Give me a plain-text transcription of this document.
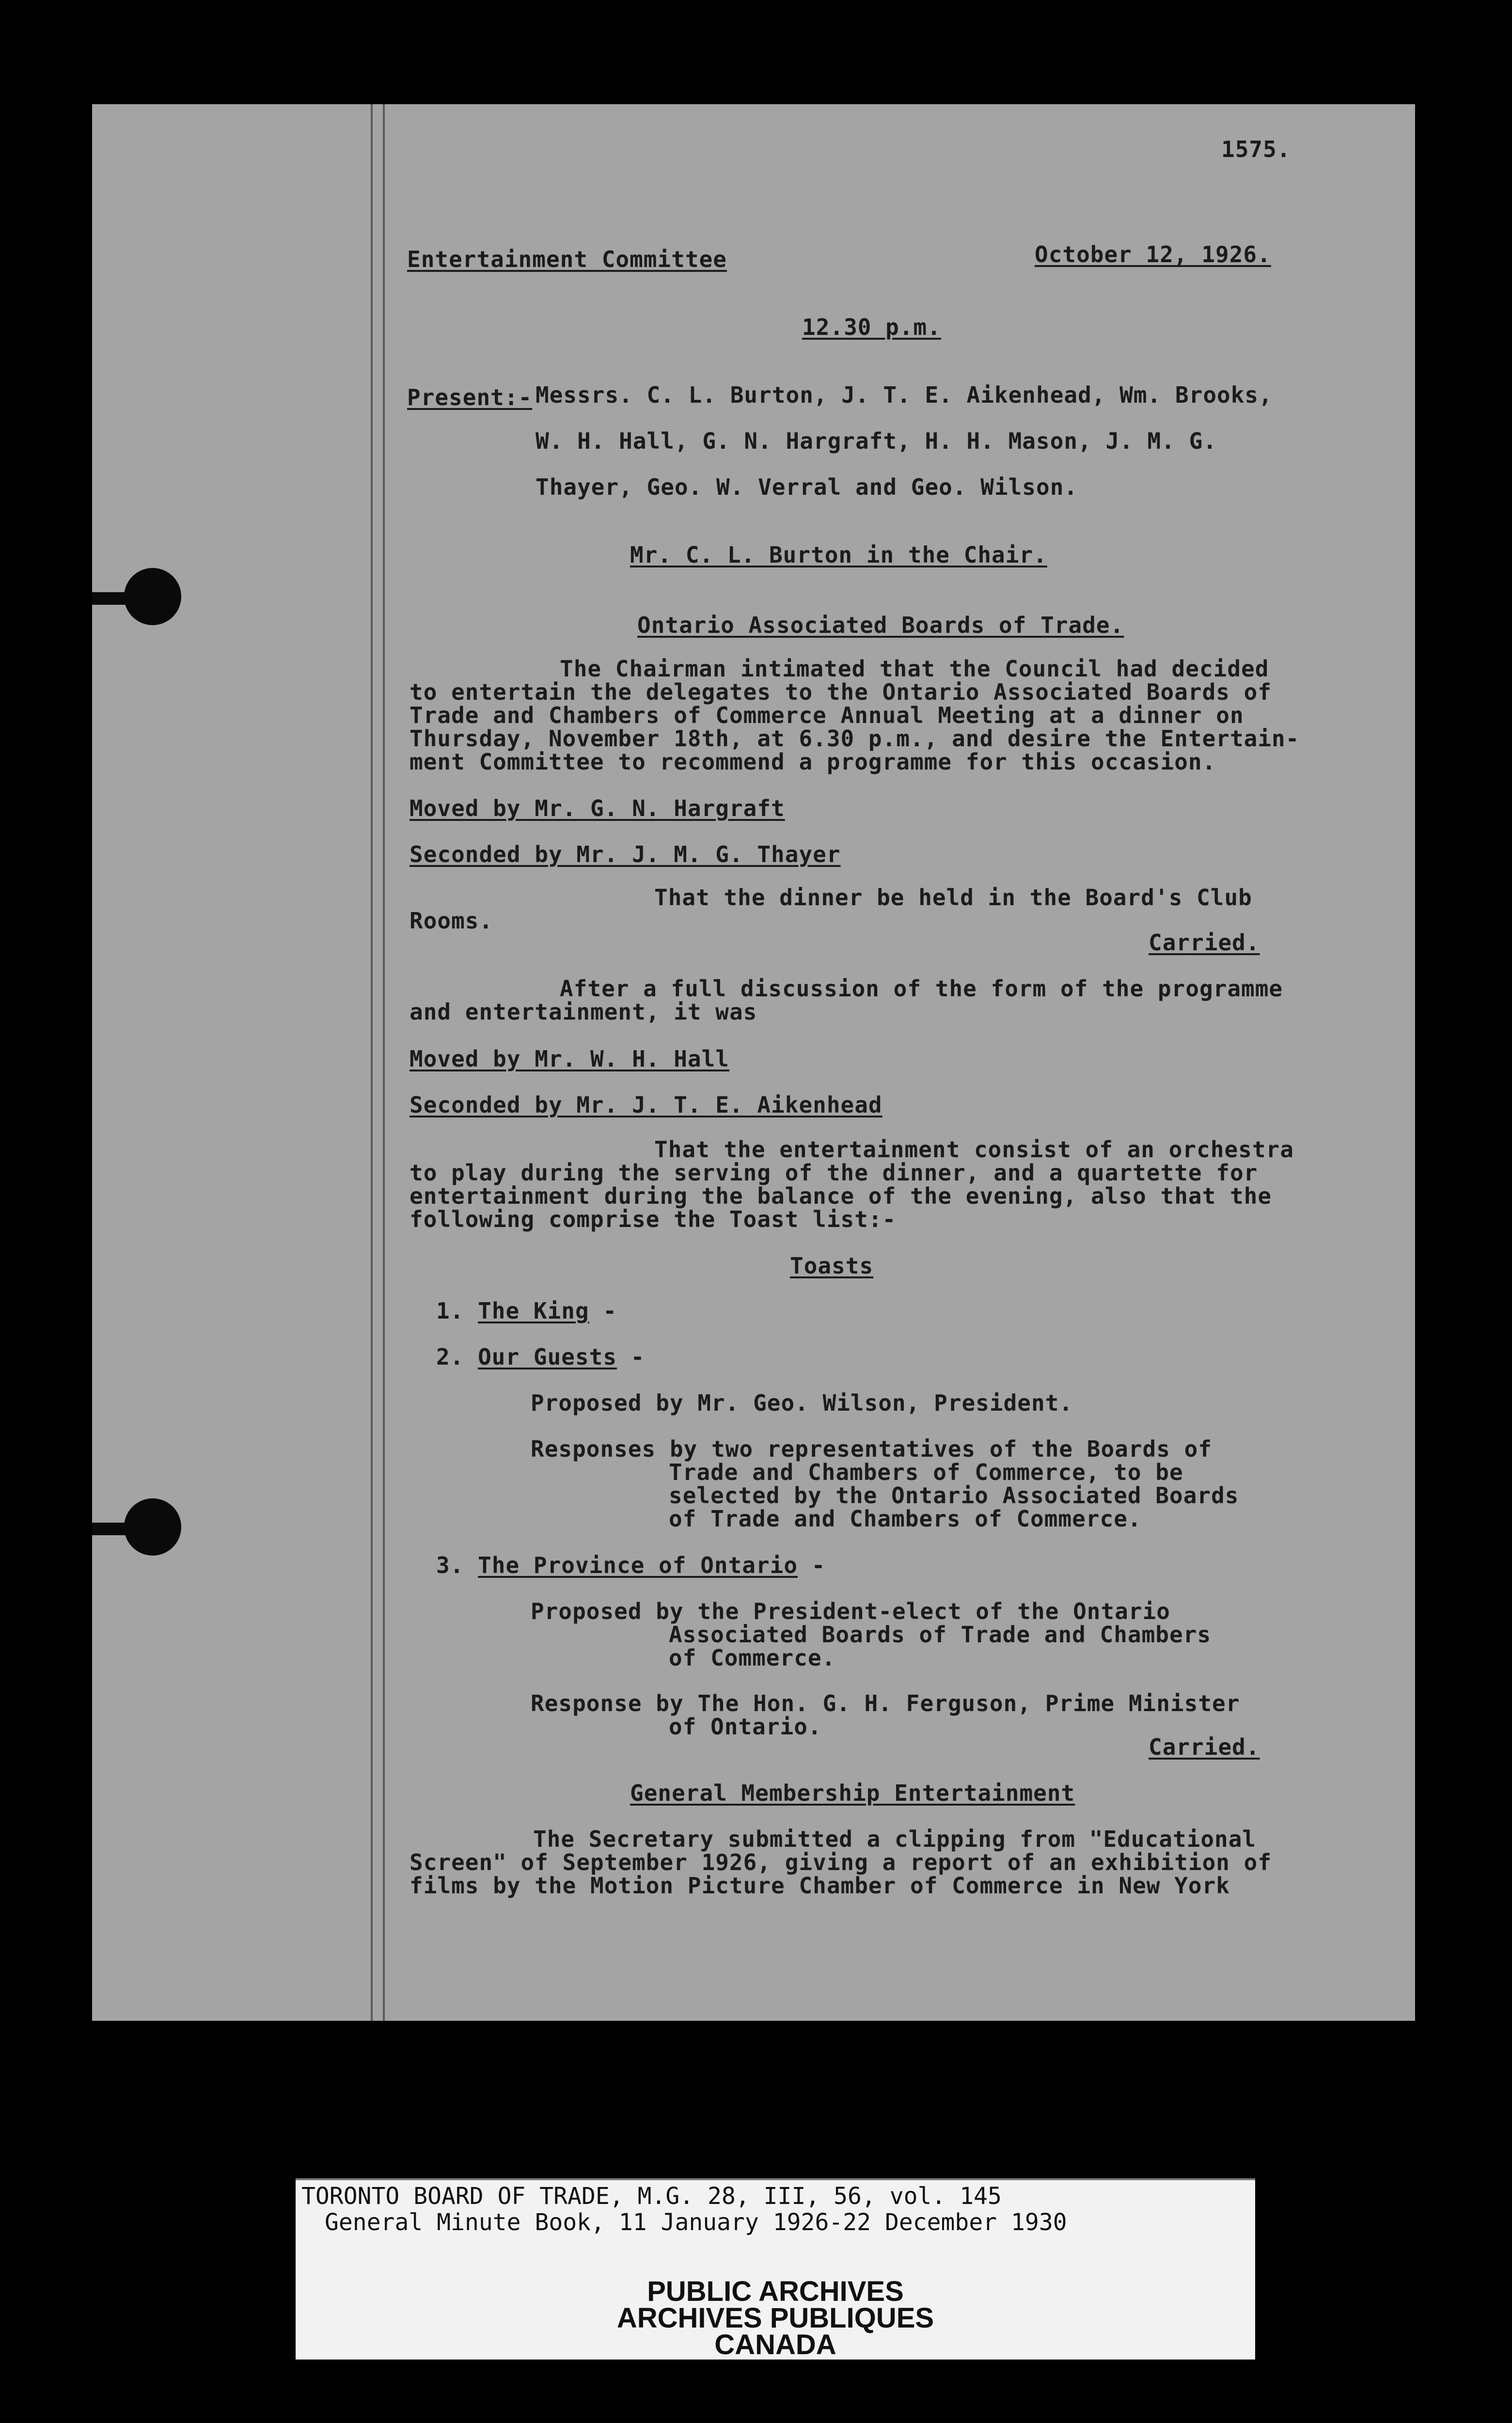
1575.
Entertainment Committee	October 12, 1926.
12.30 p.m.
Present:- Messrs. C. L. Burton, J. T. E. Aikenhead, Wm. Brooks,
W. H. Hall, G. N. Hargraft, H. H. Mason, J. M. G.
Thayer, Geo. W. Verral and Geo. Wilson.
Mr. C. L. Burton in the Chair.
Ontario Associated Boards of Trade.
The Chairman intimated that the Council had decided
to entertain the delegates to the Ontario Associated Boards of
Trade and Chambers of Commerce Annual Meeting at a dinner on
Thursday, November 18th, at 6.30 p.m., and desire the Entertain-
ment Committee to recommend a programme for this occasion.
Moved by Mr. G. N. Hargraft
Seconded by Mr. J. M. G. Thayer
That the dinner be held in the Board's Club
Rooms.
Carried.
After a full discussion of the form of the programme
and entertainment, it was
Moved by Mr. W. H. Hall
Seconded by Mr. J. T. E. Aikenhead
That the entertainment consist of an orchestra
to play during the serving of the dinner, and a quartette for
entertainment during the balance of the evening, also that the
following comprise the Toast list:-
Toasts
1. The King -
2. Our Guests -
Proposed by Mr. Geo. Wilson, President.
Responses by two representatives of the Boards of
Trade and Chambers of Commerce, to be
selected by the Ontario Associated Boards
of Trade and Chambers of Commerce.
3. The Province of Ontario -
Proposed by the President-elect of the Ontario
Associated Boards of Trade and Chambers
of Commerce.
Response by The Hon. G. H. Ferguson, Prime Minister
of Ontario.
Carried.
General Membership Entertainment
The Secretary submitted a clipping from "Educational
Screen" of September 1926, giving a report of an exhibition of
films by the Motion Picture Chamber of Commerce in New York
TORONTO BOARD OF TRADE, M.G. 28, III, 56, vol. 145
General Minute Book, 11 January 1926-22 December 1930
PUBLIC ARCHIVES
ARCHIVES PUBLIQUES
CANADA
